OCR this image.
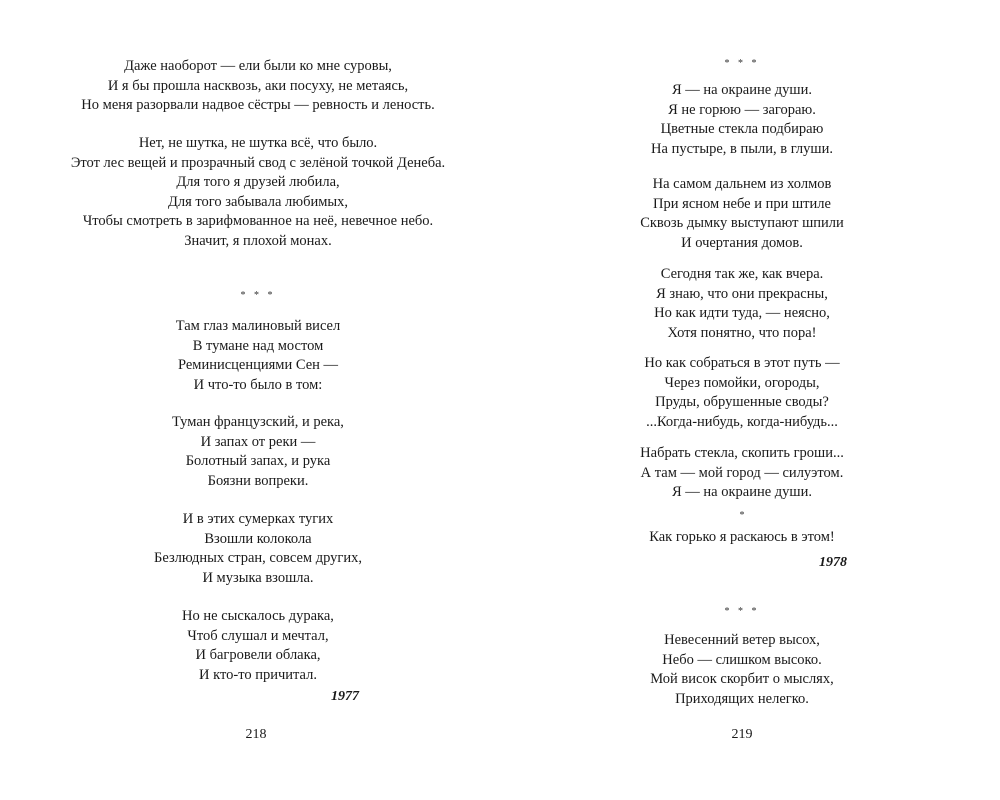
Даже наоборот — ели были ко мне суровы,
И я бы прошла насквозь, аки посуху, не метаясь,
Но меня разорвали надвое сёстры — ревность и леность.
Нет, не шутка, не шутка всё, что было.
Этот лес вещей и прозрачный свод с зелёной точкой Денеба.
Для того я друзей любила,
Для того забывала любимых,
Чтобы смотреть в зарифмованное на неё, невечное небо.
Значит, я плохой монах.
* * *
Там глаз малиновый висел
В тумане над мостом
Реминисценциями Сен —
И что-то было в том:
Туман французский, и река,
И запах от реки —
Болотный запах, и рука
Боязни вопреки.
И в этих сумерках тугих
Взошли колокола
Безлюдных стран, совсем других,
И музыка взошла.
Но не сыскалось дурака,
Чтоб слушал и мечтал,
И багровели облака,
И кто-то причитал.
1977
218
* * *
Я — на окраине души.
Я не горюю — загораю.
Цветные стекла подбираю
На пустыре, в пыли, в глуши.
На самом дальнем из холмов
При ясном небе и при штиле
Сквозь дымку выступают шпили
И очертания домов.
Сегодня так же, как вчера.
Я знаю, что они прекрасны,
Но как идти туда, — неясно,
Хотя понятно, что пора!
Но как собраться в этот путь —
Через помойки, огороды,
Пруды, обрушенные своды?
...Когда-нибудь, когда-нибудь...
Набрать стекла, скопить гроши...
А там — мой город — силуэтом.
Я — на окраине души.
*
Как горько я раскаюсь в этом!
1978
* * *
Невесенний ветер высох,
Небо — слишком высоко.
Мой висок скорбит о мыслях,
Приходящих нелегко.
219
